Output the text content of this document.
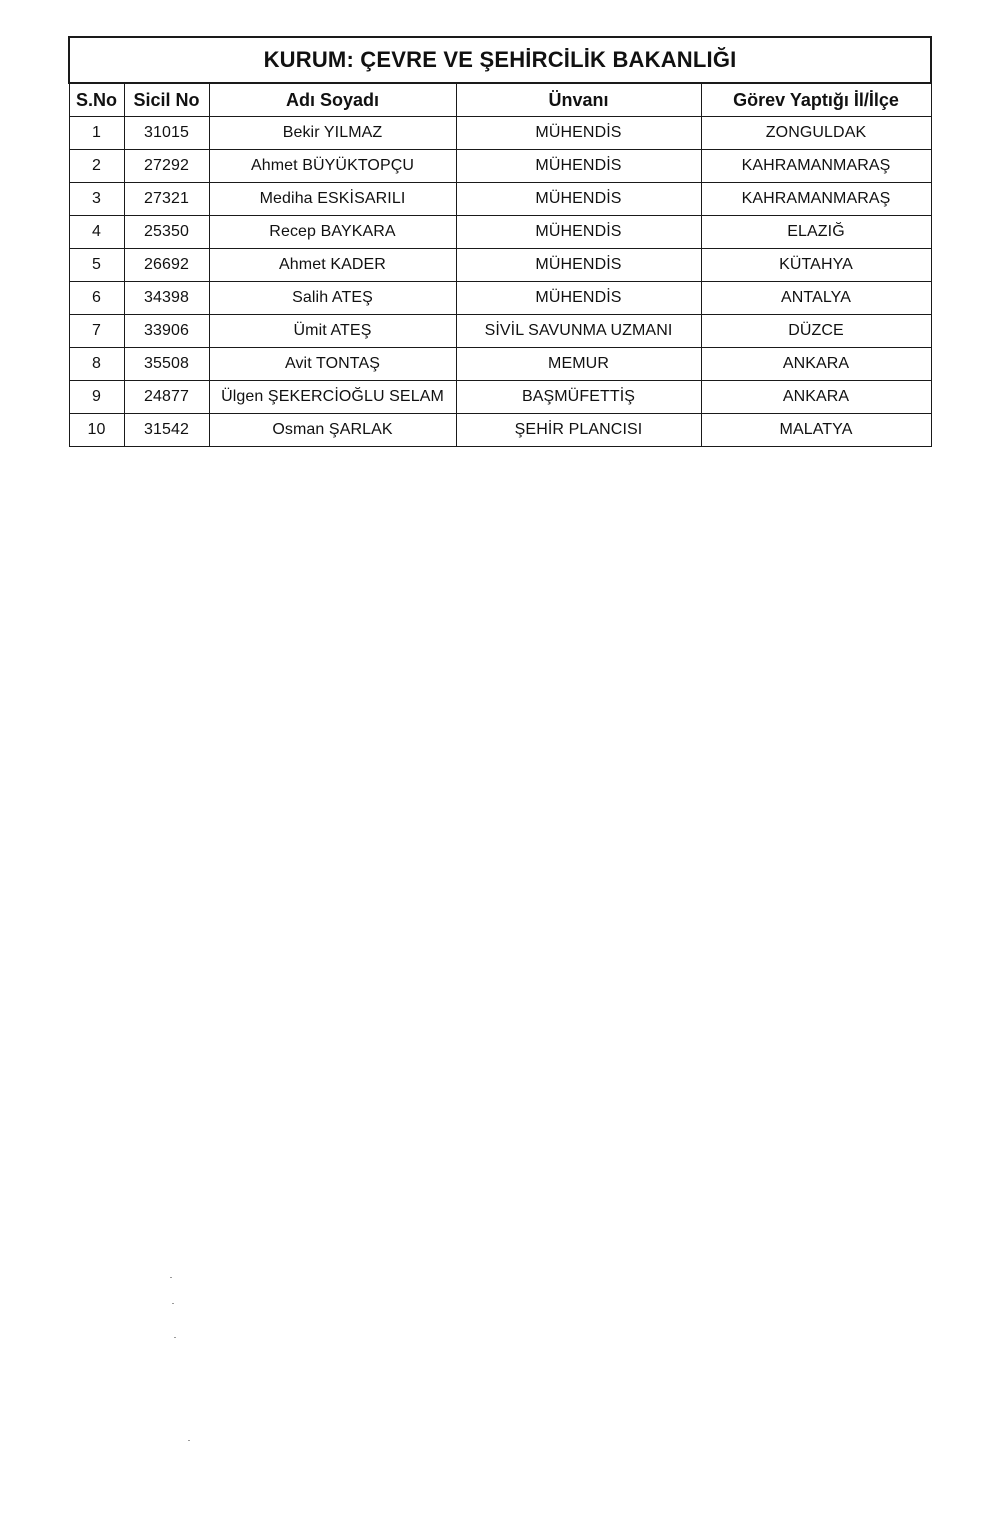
KURUM: ÇEVRE VE ŞEHİRCİLİK BAKANLIĞI				
S.No	Sicil No	Adı Soyadı	Ünvanı	Görev Yaptığı İl/İlçe
1	31015	Bekir YILMAZ	MÜHENDİS	ZONGULDAK
2	27292	Ahmet BÜYÜKTOPÇU	MÜHENDİS	KAHRAMANMARAŞ
3	27321	Mediha ESKİSARILI	MÜHENDİS	KAHRAMANMARAŞ
4	25350	Recep BAYKARA	MÜHENDİS	ELAZIĞ
5	26692	Ahmet KADER	MÜHENDİS	KÜTAHYA
6	34398	Salih ATEŞ	MÜHENDİS	ANTALYA
7	33906	Ümit ATEŞ	SİVİL SAVUNMA UZMANI	DÜZCE
8	35508	Avit TONTAŞ	MEMUR	ANKARA
9	24877	Ülgen ŞEKERCİOĞLU SELAM	BAŞMÜFETTİŞ	ANKARA
10	31542	Osman ŞARLAK	ŞEHİR PLANCISI	MALATYA
